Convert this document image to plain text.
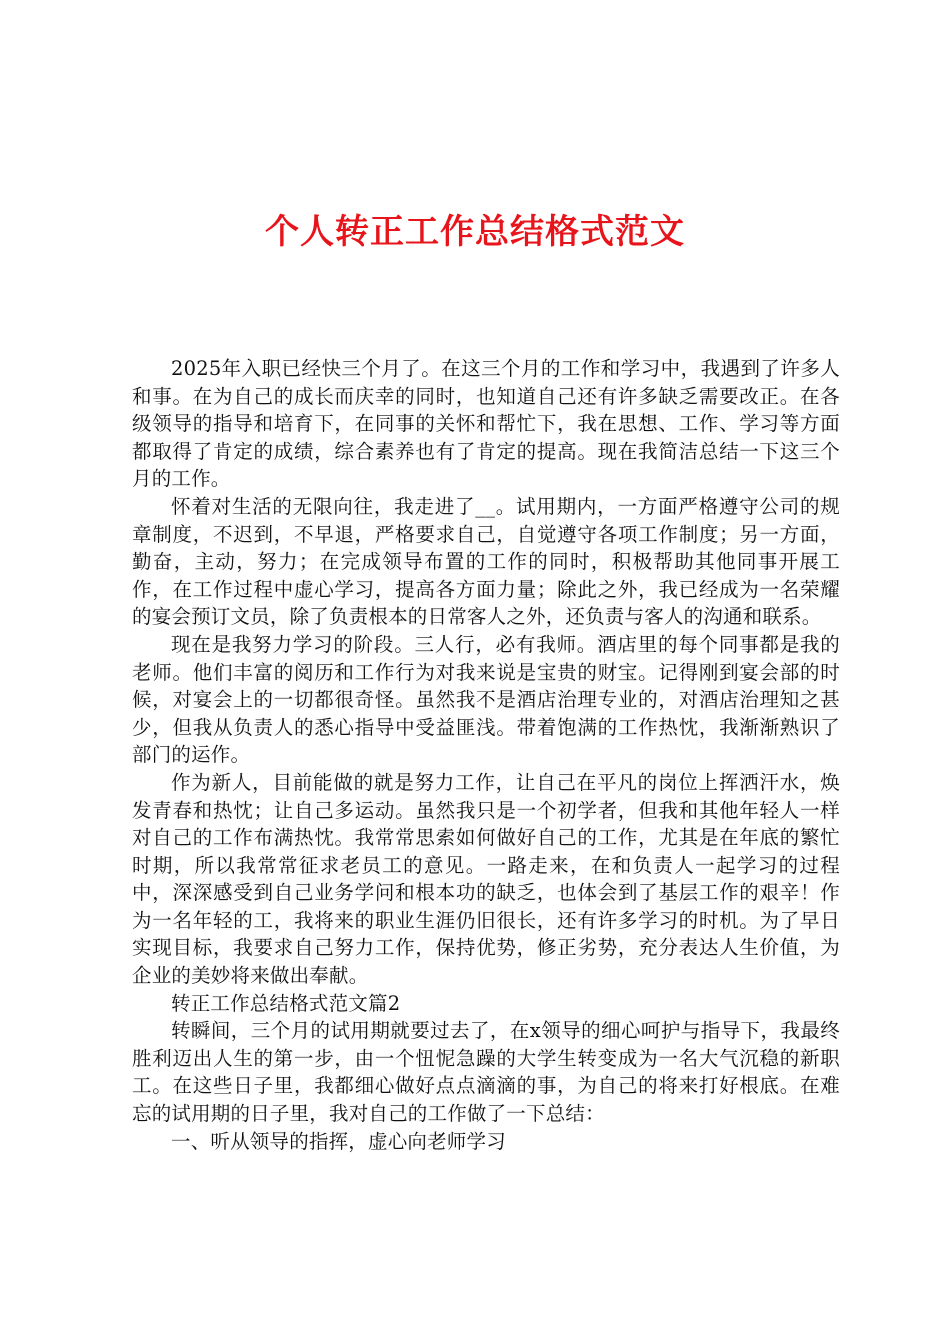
个人转正工作总结格式范文

2025年入职已经快三个月了。在这三个月的工作和学习中，我遇到了许多人和事。在为自己的成长而庆幸的同时，也知道自己还有许多缺乏需要改正。在各级领导的指导和培育下，在同事的关怀和帮忙下，我在思想、工作、学习等方面都取得了肯定的成绩，综合素养也有了肯定的提高。现在我简洁总结一下这三个月的工作。

怀着对生活的无限向往，我走进了__。试用期内，一方面严格遵守公司的规章制度，不迟到，不早退，严格要求自己，自觉遵守各项工作制度；另一方面，勤奋，主动，努力；在完成领导布置的工作的同时，积极帮助其他同事开展工作，在工作过程中虚心学习，提高各方面力量；除此之外，我已经成为一名荣耀的宴会预订文员，除了负责根本的日常客人之外，还负责与客人的沟通和联系。

现在是我努力学习的阶段。三人行，必有我师。酒店里的每个同事都是我的老师。他们丰富的阅历和工作行为对我来说是宝贵的财宝。记得刚到宴会部的时候，对宴会上的一切都很奇怪。虽然我不是酒店治理专业的，对酒店治理知之甚少，但我从负责人的悉心指导中受益匪浅。带着饱满的工作热忱，我渐渐熟识了部门的运作。

作为新人，目前能做的就是努力工作，让自己在平凡的岗位上挥洒汗水，焕发青春和热忱；让自己多运动。虽然我只是一个初学者，但我和其他年轻人一样对自己的工作布满热忱。我常常思索如何做好自己的工作，尤其是在年底的繁忙时期，所以我常常征求老员工的意见。一路走来，在和负责人一起学习的过程中，深深感受到自己业务学问和根本功的缺乏，也体会到了基层工作的艰辛！作为一名年轻的工，我将来的职业生涯仍旧很长，还有许多学习的时机。为了早日实现目标，我要求自己努力工作，保持优势，修正劣势，充分表达人生价值，为企业的美妙将来做出奉献。

转正工作总结格式范文篇2

转瞬间，三个月的试用期就要过去了，在x领导的细心呵护与指导下，我最终胜利迈出人生的第一步，由一个忸怩急躁的大学生转变成为一名大气沉稳的新职工。在这些日子里，我都细心做好点点滴滴的事，为自己的将来打好根底。在难忘的试用期的日子里，我对自己的工作做了一下总结：

一、听从领导的指挥，虚心向老师学习
